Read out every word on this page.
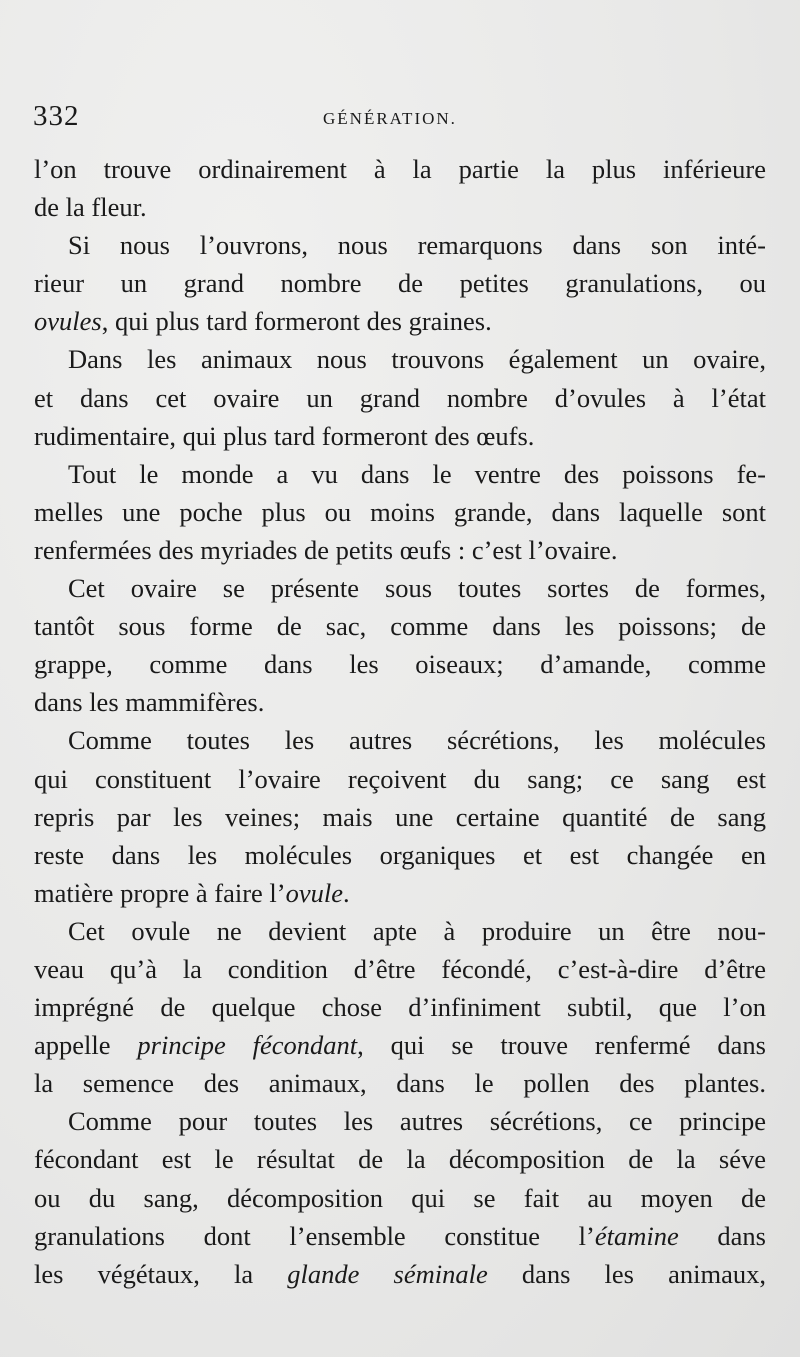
332	GÉNÉRATION.
l’on trouve ordinairement à la partie la plus inférieure
de la fleur.
Si nous l’ouvrons, nous remarquons dans son inté-
rieur un grand nombre de petites granulations, ou
ovules, qui plus tard formeront des graines.
Dans les animaux nous trouvons également un ovaire,
et dans cet ovaire un grand nombre d’ovules à l’état
rudimentaire, qui plus tard formeront des œufs.
Tout le monde a vu dans le ventre des poissons fe-
melles une poche plus ou moins grande, dans laquelle sont
renfermées des myriades de petits œufs : c’est l’ovaire.
Cet ovaire se présente sous toutes sortes de formes,
tantôt sous forme de sac, comme dans les poissons; de
grappe, comme dans les oiseaux; d’amande, comme
dans les mammifères.
Comme toutes les autres sécrétions, les molécules
qui constituent l’ovaire reçoivent du sang; ce sang est
repris par les veines; mais une certaine quantité de sang
reste dans les molécules organiques et est changée en
matière propre à faire l’ovule.
Cet ovule ne devient apte à produire un être nou-
veau qu’à la condition d’être fécondé, c’est-à-dire d’être
imprégné de quelque chose d’infiniment subtil, que l’on
appelle principe fécondant, qui se trouve renfermé dans
la semence des animaux, dans le pollen des plantes.
Comme pour toutes les autres sécrétions, ce principe
fécondant est le résultat de la décomposition de la séve
ou du sang, décomposition qui se fait au moyen de
granulations dont l’ensemble constitue l’étamine dans
les végétaux, la glande séminale dans les animaux,
